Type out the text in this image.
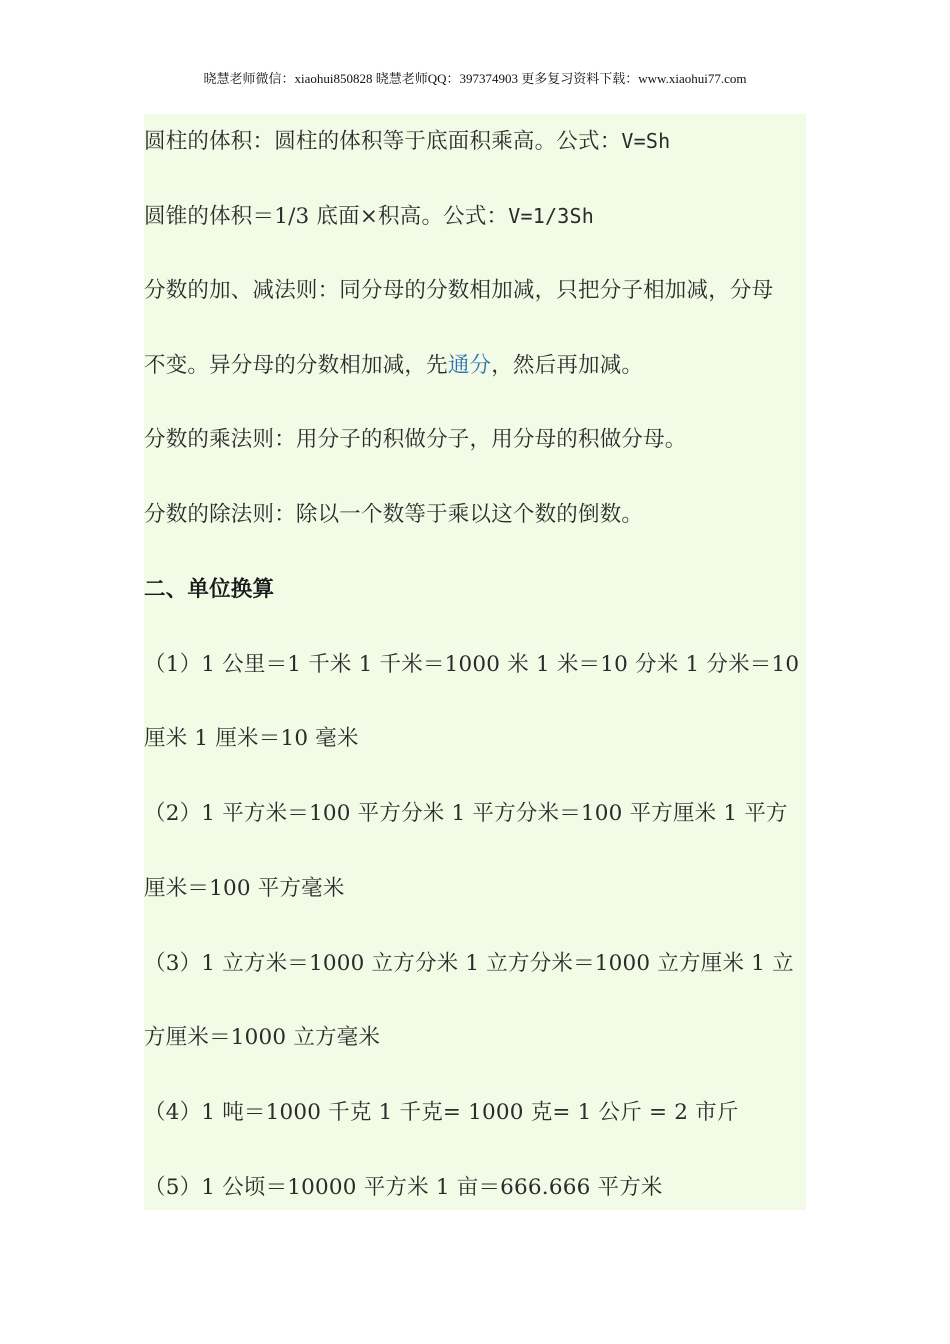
晓慧老师微信：xiaohui850828 晓慧老师QQ：397374903 更多复习资料下载：www.xiaohui77.com
圆柱的体积：圆柱的体积等于底面积乘高。公式：V=Sh
圆锥的体积＝1/3 底面×积高。公式：V=1/3Sh
分数的加、减法则：同分母的分数相加减，只把分子相加减，分母
不变。异分母的分数相加减，先通分，然后再加减。
分数的乘法则：用分子的积做分子，用分母的积做分母。
分数的除法则：除以一个数等于乘以这个数的倒数。
二、单位换算
（1）1 公里＝1 千米 1 千米＝1000 米 1 米＝10 分米 1 分米＝10
厘米 1 厘米＝10 毫米
（2）1 平方米＝100 平方分米 1 平方分米＝100 平方厘米 1 平方
厘米＝100 平方毫米
（3）1 立方米＝1000 立方分米 1 立方分米＝1000 立方厘米 1 立
方厘米＝1000 立方毫米
（4）1 吨＝1000 千克 1 千克= 1000 克= 1 公斤 = 2 市斤
（5）1 公顷＝10000 平方米 1 亩＝666.666 平方米
